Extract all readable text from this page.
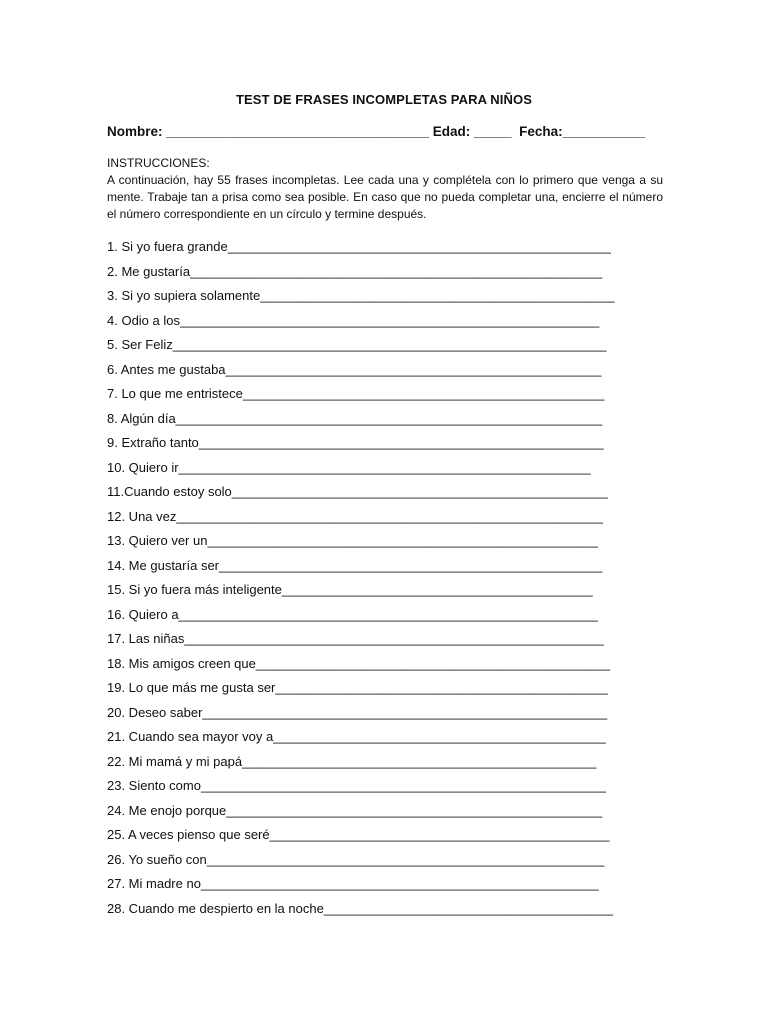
TEST DE FRASES INCOMPLETAS PARA NIÑOS
Nombre: ___________________________________ Edad: _____  Fecha:___________
INSTRUCCIONES:
A continuación, hay 55 frases incompletas. Lee cada una y complétela con lo primero que venga a su mente. Trabaje tan a prisa como sea posible. En caso que no pueda completar una, encierre el número el número correspondiente en un círculo y termine después.
1. Si yo fuera grande_____________________________________________________
2. Me gustaría_________________________________________________________
3. Si yo supiera solamente_________________________________________________
4. Odio a los__________________________________________________________
5. Ser Feliz____________________________________________________________
6. Antes me gustaba____________________________________________________
7. Lo que me entristece__________________________________________________
8. Algún día___________________________________________________________
9. Extraño tanto________________________________________________________
10. Quiero ir_________________________________________________________
11.Cuando estoy solo____________________________________________________
12. Una vez___________________________________________________________
13. Quiero ver un______________________________________________________
14. Me gustaría ser_____________________________________________________
15. Si yo fuera más inteligente___________________________________________
16. Quiero a__________________________________________________________
17. Las niñas__________________________________________________________
18. Mis amigos creen que_________________________________________________
19. Lo que más me gusta ser______________________________________________
20. Deseo saber________________________________________________________
21. Cuando sea mayor voy a______________________________________________
22. Mi mamá y mi papá_________________________________________________
23. Siento como________________________________________________________
24. Me enojo porque____________________________________________________
25. A veces pienso que seré_______________________________________________
26. Yo sueño con_______________________________________________________
27. Mi madre no_______________________________________________________
28. Cuando me despierto en la noche________________________________________
